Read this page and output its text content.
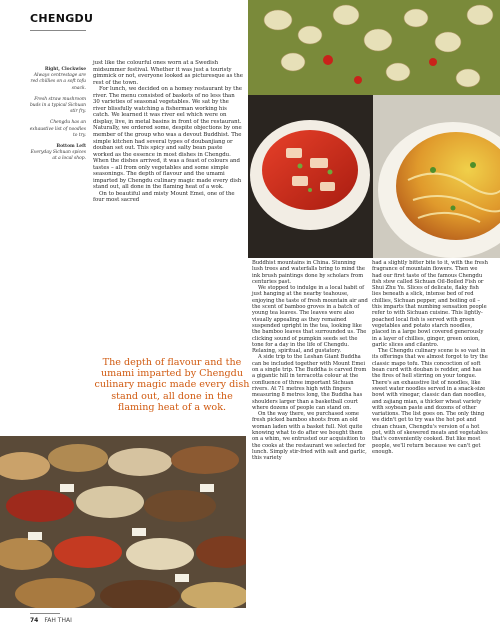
CHENGDU

Right, Clockwise
Always centrestage are red chillies on a soft tofu snack.

Fresh straw mushroom buds in a typical Sichuan stir fry.

Chengdu has an exhaustive list of noodles to try.

Bottom Left
Everyday Sichuan spices at a local shop.

just like the colourful ones worn at a Swedish midsummer festival. Whether it was just a touristy gimmick or not, everyone looked as picturesque as the rest of the town.

For lunch, we decided on a homey restaurant by the river. The menu consisted of baskets of no less than 30 varieties of seasonal vegetables. We sat by the river blissfully watching a fisherman working his catch. We learned it was river eel which were on display, live, in metal basins in front of the restaurant. Naturally, we ordered some, despite objections by one member of the group who was a devout Buddhist. The simple kitchen had several types of doubanjiang or douban set out. This spicy and salty bean paste worked as the essence in most dishes in Chengdu. When the dishes arrived, it was a feast of colours and tastes – all from only vegetables and some simple seasonings. The depth of flavour and the umami imparted by Chengdu culinary magic made every dish stand out, all done in the flaming heat of a wok.

On to beautiful and misty Mount Emei, one of the four most sacred

The depth of flavour and the umami imparted by Chengdu culinary magic made every dish stand out, all done in the flaming heat of a wok.

Buddhist mountains in China. Stunning lush trees and waterfalls bring to mind the ink brush paintings done by scholars from centuries past.

We stopped to indulge in a local habit of just hanging at the nearby teahouse, enjoying the taste of fresh mountain air and the scent of bamboo groves in a batch of young tea leaves. The leaves were also visually appealing as they remained suspended upright in the tea, looking like the bamboo leaves that surrounded us. The clicking sound of pumpkin seeds set the tone for a day in the life of Chengdu. Relaxing, spiritual, and gustatory.

A side trip to the Leshan Giant Buddha can be included together with Mount Emei on a single trip. The Buddha is carved from a gigantic hill in terracotta colour at the confluence of three important Sichuan rivers. At 71 metres high with fingers measuring 8 metres long, the Buddha has shoulders larger than a basketball court where dozens of people can stand on.

On the way there, we purchased some fresh picked bamboo shoots from an old woman laden with a basket full. Not quite knowing what to do after we bought them on a whim, we entrusted our acquisition to the cooks at the restaurant we selected for lunch. Simply stir-fried with salt and garlic, this variety

had a slightly bitter bite to it, with the fresh fragrance of mountain flowers. Then we had our first taste of the famous Chengdu fish stew called Sichuan Oil-Boiled Fish or Shui Zhu Yu. Slices of delicate, flaky fish lies beneath a slick, intense bed of red chillies, Sichuan pepper, and boiling oil – this imparts that numbing sensation people refer to with Sichuan cuisine. This lightly-poached local fish is served with green vegetables and potato starch noodles, placed in a large bowl covered generously in a layer of chillies, ginger, green onion, garlic slices and cilantro.

The Chengdu culinary scene is so vast in its offerings that we almost forgot to try the classic mapo tofu. This concoction of soft bean curd with douban is redder, and has the fires of hell stirring on your tongue. There's an exhaustive list of noodles, like sweet water noodles served in a snack-size bowl with vinegar, classic dan dan noodles, and zajiang mian, a thicker wheat variety with soybean paste and dozens of other variations. The list goes on. The only thing we didn't get to try was the hot pot and chuan chuan, Chengdu's version of a hot pot, with of skewered meats and vegetables that's conveniently cooked. But like most people, we'll return because we can't get enough.

74 FAH THAI
